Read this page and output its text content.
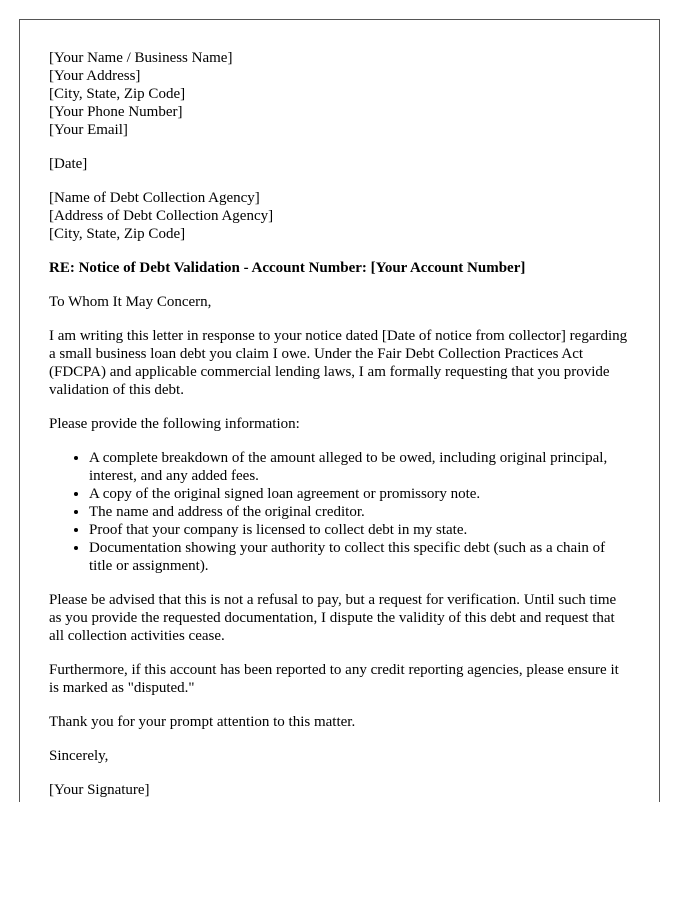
[Your Name / Business Name]
[Your Address]
[City, State, Zip Code]
[Your Phone Number]
[Your Email]
[Date]
[Name of Debt Collection Agency]
[Address of Debt Collection Agency]
[City, State, Zip Code]
RE: Notice of Debt Validation - Account Number: [Your Account Number]

To Whom It May Concern,

I am writing this letter in response to your notice dated [Date of notice from collector] regarding a small business loan debt you claim I owe. Under the Fair Debt Collection Practices Act (FDCPA) and applicable commercial lending laws, I am formally requesting that you provide validation of this debt.

Please provide the following information:

• A complete breakdown of the amount alleged to be owed, including original principal, interest, and any added fees.
• A copy of the original signed loan agreement or promissory note.
• The name and address of the original creditor.
• Proof that your company is licensed to collect debt in my state.
• Documentation showing your authority to collect this specific debt (such as a chain of title or assignment).

Please be advised that this is not a refusal to pay, but a request for verification. Until such time as you provide the requested documentation, I dispute the validity of this debt and request that all collection activities cease.

Furthermore, if this account has been reported to any credit reporting agencies, please ensure it is marked as "disputed."

Thank you for your prompt attention to this matter.

Sincerely,

[Your Signature]
